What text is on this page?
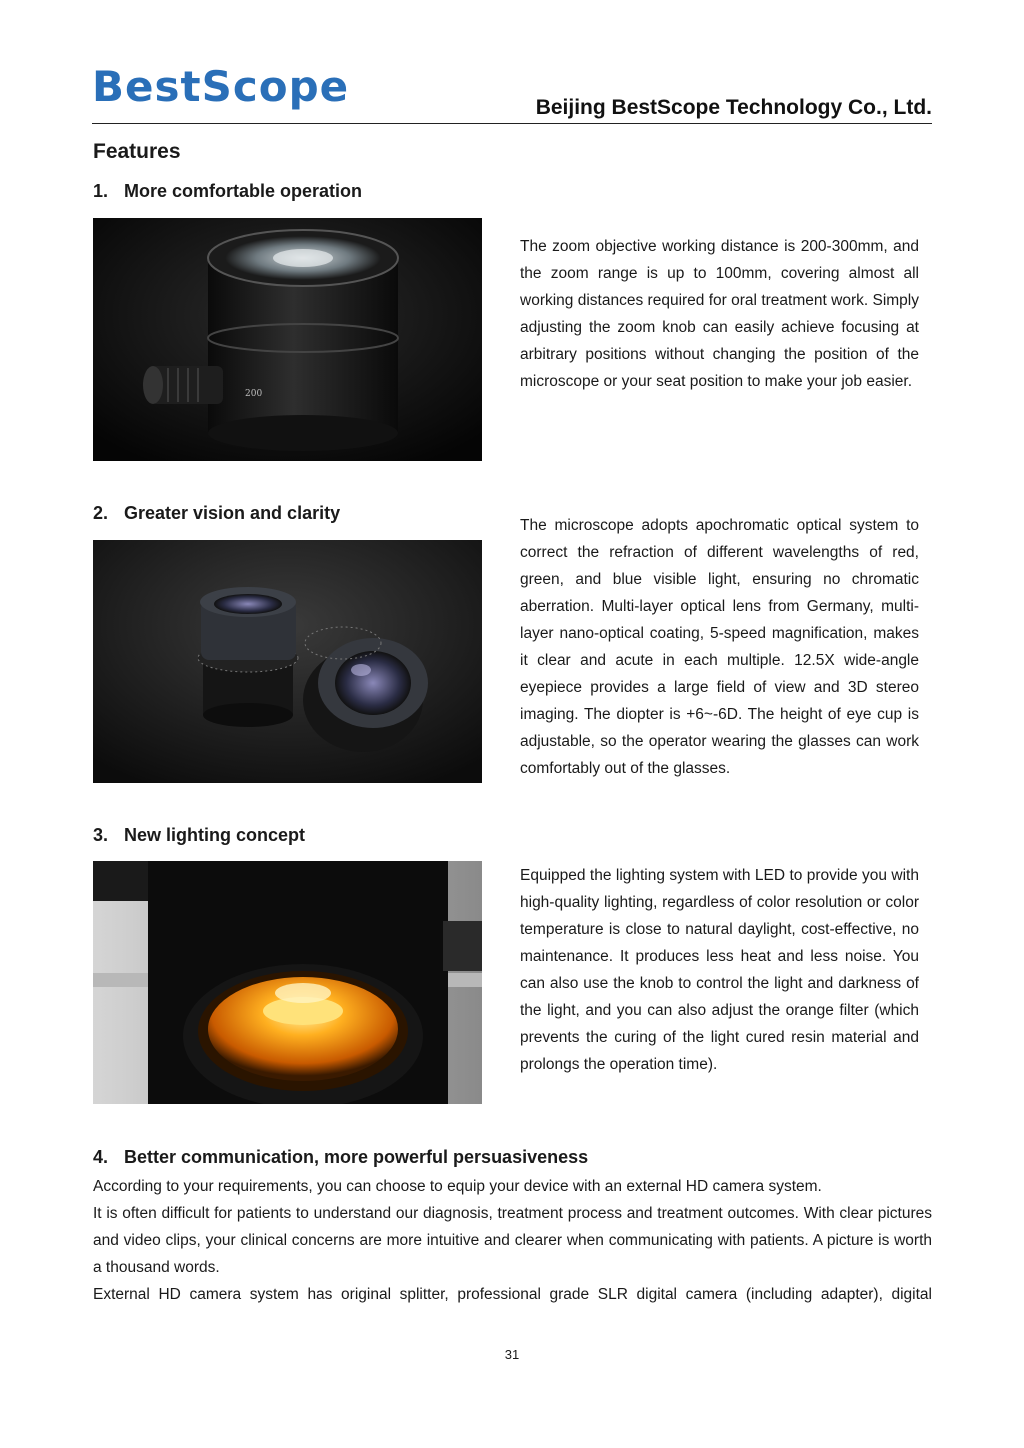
BestScope	Beijing BestScope Technology Co., Ltd.
Features
1. More comfortable operation
200
The zoom objective working distance is 200-300mm, and the zoom range is up to 100mm, covering almost all working distances required for oral treatment work. Simply adjusting the zoom knob can easily achieve focusing at arbitrary positions without changing the position of the microscope or your seat position to make your job easier.
2. Greater vision and clarity
The microscope adopts apochromatic optical system to correct the refraction of different wavelengths of red, green, and blue visible light, ensuring no chromatic aberration. Multi-layer optical lens from Germany, multi-layer nano-optical coating, 5-speed magnification, makes it clear and acute in each multiple. 12.5X wide-angle eyepiece provides a large field of view and 3D stereo imaging. The diopter is +6~-6D. The height of eye cup is adjustable, so the operator wearing the glasses can work comfortably out of the glasses.
3. New lighting concept
Equipped the lighting system with LED to provide you with high-quality lighting, regardless of color resolution or color temperature is close to natural daylight, cost-effective, no maintenance. It produces less heat and less noise. You can also use the knob to control the light and darkness of the light, and you can also adjust the orange filter (which prevents the curing of the light cured resin material and prolongs the operation time).
4. Better communication, more powerful persuasiveness
According to your requirements, you can choose to equip your device with an external HD camera system.
It is often difficult for patients to understand our diagnosis, treatment process and treatment outcomes. With clear pictures and video clips, your clinical concerns are more intuitive and clearer when communicating with patients. A picture is worth a thousand words.
External HD camera system has original splitter, professional grade SLR digital camera (including adapter), digital
31
